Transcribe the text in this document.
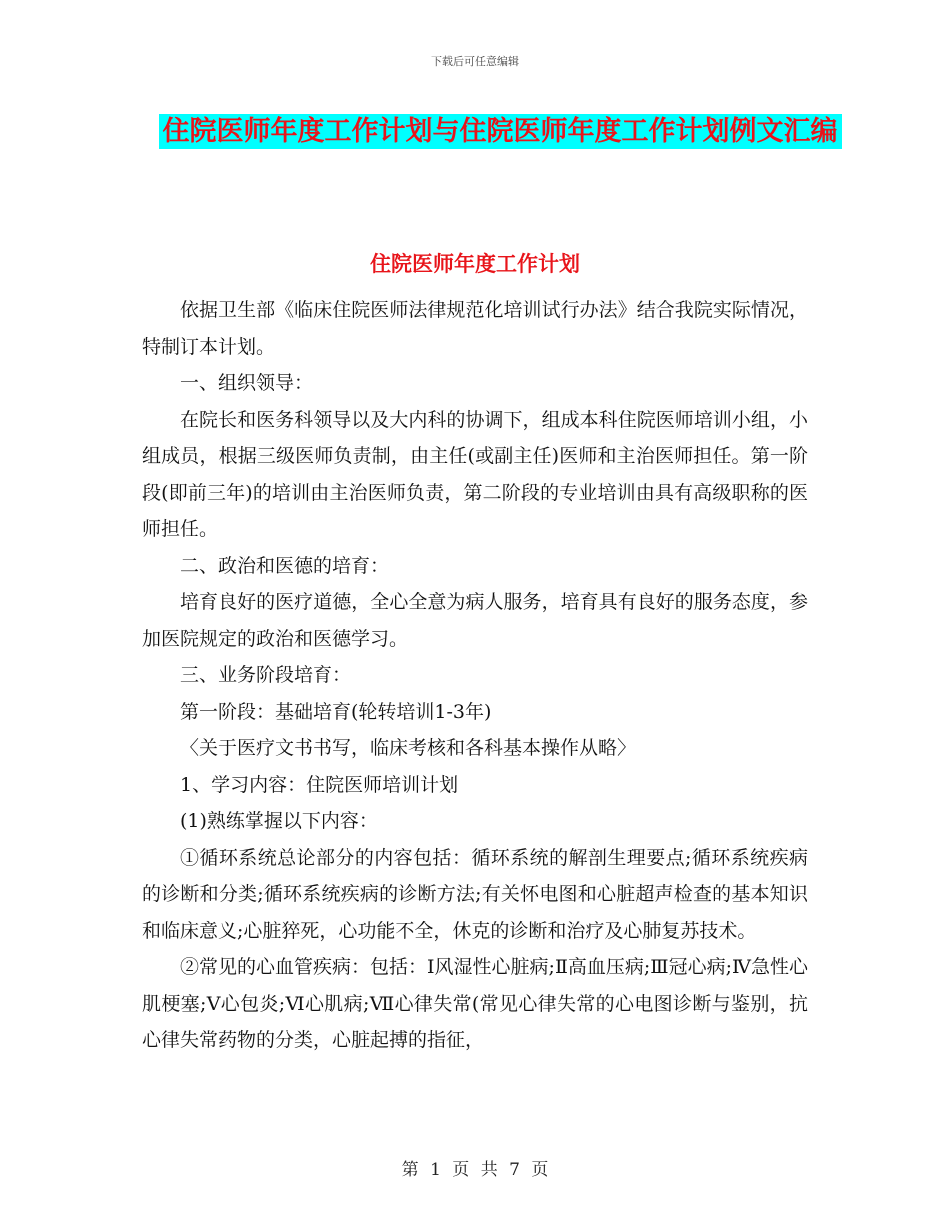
下载后可任意编辑
住院医师年度工作计划与住院医师年度工作计划例文汇编
住院医师年度工作计划

依据卫生部《临床住院医师法律规范化培训试行办法》结合我院实际情况，特制订本计划。

一、组织领导：

在院长和医务科领导以及大内科的协调下，组成本科住院医师培训小组，小组成员，根据三级医师负责制，由主任(或副主任)医师和主治医师担任。第一阶段(即前三年)的培训由主治医师负责，第二阶段的专业培训由具有高级职称的医师担任。

二、政治和医德的培育：

培育良好的医疗道德，全心全意为病人服务，培育具有良好的服务态度，参加医院规定的政治和医德学习。

三、业务阶段培育：

第一阶段：基础培育(轮转培训1-3年)

〈关于医疗文书书写，临床考核和各科基本操作从略〉

1、学习内容：住院医师培训计划

(1)熟练掌握以下内容：

①循环系统总论部分的内容包括：循环系统的解剖生理要点;循环系统疾病的诊断和分类;循环系统疾病的诊断方法;有关怀电图和心脏超声检查的基本知识和临床意义;心脏猝死，心功能不全，休克的诊断和治疗及心肺复苏技术。

②常见的心血管疾病：包括：Ⅰ风湿性心脏病;Ⅱ高血压病;Ⅲ冠心病;Ⅳ急性心肌梗塞;Ⅴ心包炎;Ⅵ心肌病;Ⅶ心律失常(常见心律失常的心电图诊断与鉴别，抗心律失常药物的分类，心脏起搏的指征，

第 1 页 共 7 页
